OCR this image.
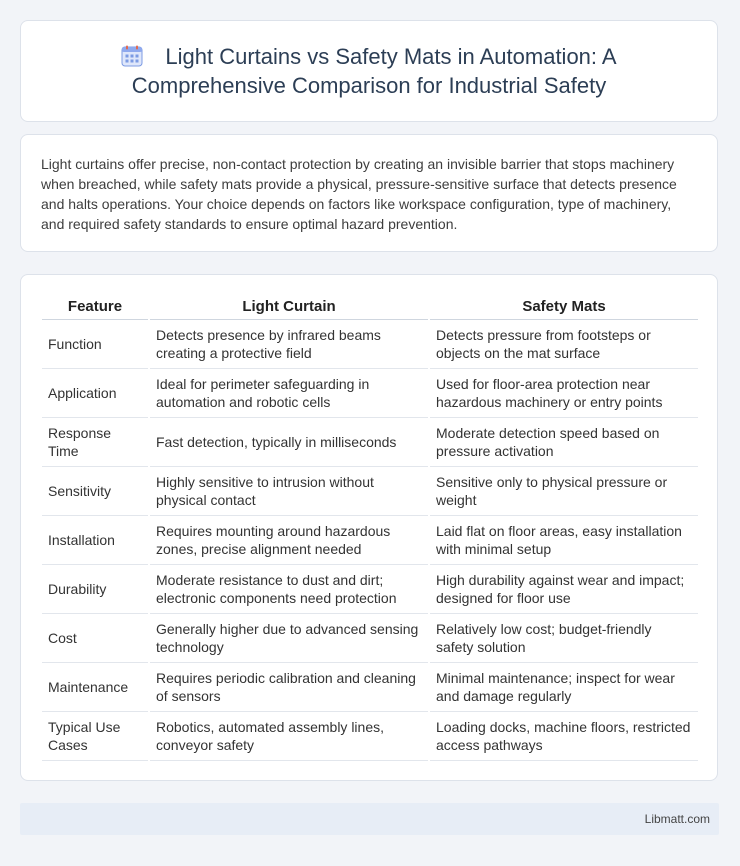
Light Curtains vs Safety Mats in Automation: A Comprehensive Comparison for Industrial Safety

Light curtains offer precise, non-contact protection by creating an invisible barrier that stops machinery when breached, while safety mats provide a physical, pressure-sensitive surface that detects presence and halts operations. Your choice depends on factors like workspace configuration, type of machinery, and required safety standards to ensure optimal hazard prevention.

Feature	Light Curtain	Safety Mats
Function	Detects presence by infrared beams creating a protective field	Detects pressure from footsteps or objects on the mat surface
Application	Ideal for perimeter safeguarding in automation and robotic cells	Used for floor-area protection near hazardous machinery or entry points
Response Time	Fast detection, typically in milliseconds	Moderate detection speed based on pressure activation
Sensitivity	Highly sensitive to intrusion without physical contact	Sensitive only to physical pressure or weight
Installation	Requires mounting around hazardous zones, precise alignment needed	Laid flat on floor areas, easy installation with minimal setup
Durability	Moderate resistance to dust and dirt; electronic components need protection	High durability against wear and impact; designed for floor use
Cost	Generally higher due to advanced sensing technology	Relatively low cost; budget-friendly safety solution
Maintenance	Requires periodic calibration and cleaning of sensors	Minimal maintenance; inspect for wear and damage regularly
Typical Use Cases	Robotics, automated assembly lines, conveyor safety	Loading docks, machine floors, restricted access pathways
Libmatt.com
